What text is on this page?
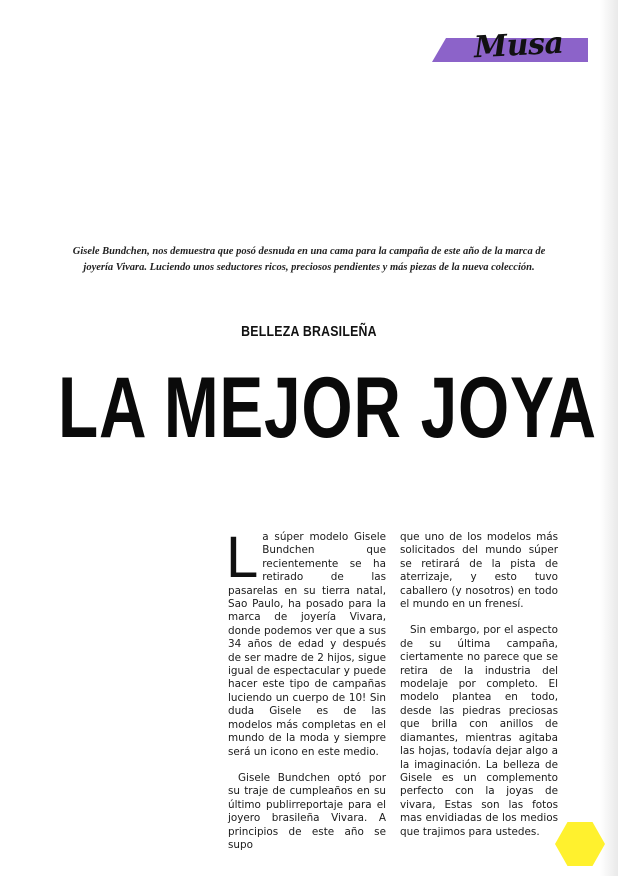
Musa
Gisele Bundchen, nos demuestra que posó desnuda en una cama para la campaña de este año de la marca de joyería Vivara. Luciendo unos seductores ricos, preciosos pendientes y más piezas de la nueva colección.
BELLEZA BRASILEÑA
LA MEJOR JOYA

L a súper modelo Gisele Bundchen que recientemente se ha retirado de las pasarelas en su tierra natal, Sao Paulo, ha posado para la marca de joyería Vivara, donde podemos ver que a sus 34 años de edad y después de ser madre de 2 hijos, sigue igual de espectacular y puede hacer este tipo de campañas luciendo un cuerpo de 10! Sin duda Gisele es de las modelos más completas en el mundo de la moda y siempre será un icono en este medio.

Gisele Bundchen optó por su traje de cumpleaños en su último publirreportaje para el joyero brasileña Vivara. A principios de este año se supo

que uno de los modelos más solicitados del mundo súper se retirará de la pista de aterrizaje, y esto tuvo caballero (y nosotros) en todo el mundo en un frenesí.

Sin embargo, por el aspecto de su última campaña, ciertamente no parece que se retira de la industria del modelaje por completo. El modelo plantea en todo, desde las piedras preciosas que brilla con anillos de diamantes, mientras agitaba las hojas, todavía dejar algo a la imaginación. La belleza de Gisele es un complemento perfecto con la joyas de vivara, Estas son las fotos mas envidiadas de los medios que trajimos para ustedes.
